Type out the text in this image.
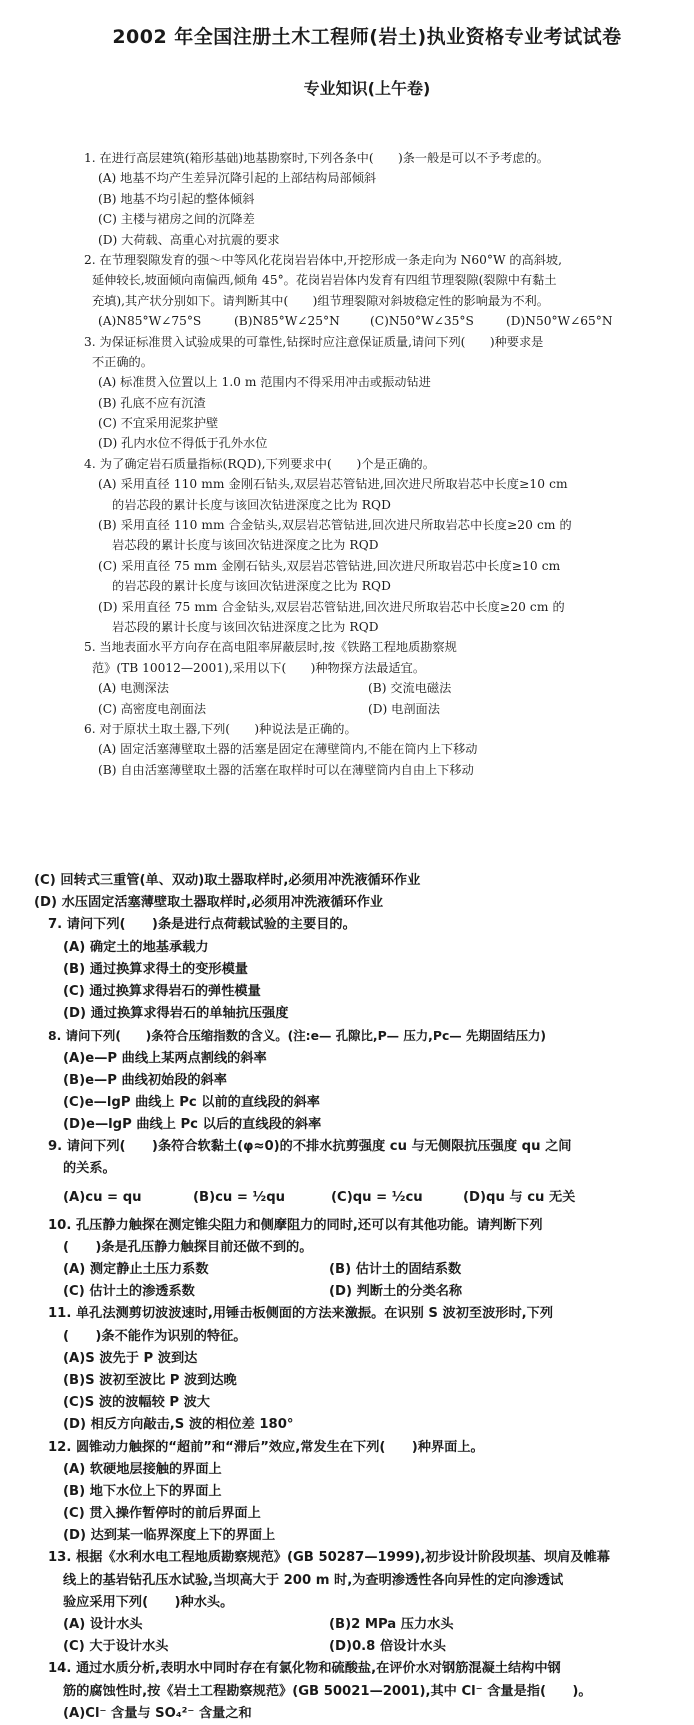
2002 年全国注册土木工程师(岩土)执业资格专业考试试卷
专业知识(上午卷)
1. 在进行高层建筑(箱形基础)地基勘察时,下列各条中(　　)条一般是可以不予考虑的。
(A) 地基不均产生差异沉降引起的上部结构局部倾斜
(B) 地基不均引起的整体倾斜
(C) 主楼与裙房之间的沉降差
(D) 大荷载、高重心对抗震的要求
2. 在节理裂隙发育的强～中等风化花岗岩岩体中,开挖形成一条走向为 N60°W 的高斜坡,
延伸较长,坡面倾向南偏西,倾角 45°。花岗岩岩体内发育有四组节理裂隙(裂隙中有黏土
充填),其产状分别如下。请判断其中(　　)组节理裂隙对斜坡稳定性的影响最为不利。
(A)N85°W∠75°S	(B)N85°W∠25°N	(C)N50°W∠35°S	(D)N50°W∠65°N
3. 为保证标准贯入试验成果的可靠性,钻探时应注意保证质量,请问下列(　　)种要求是
不正确的。
(A) 标准贯入位置以上 1.0 m 范围内不得采用冲击或振动钻进
(B) 孔底不应有沉渣
(C) 不宜采用泥浆护壁
(D) 孔内水位不得低于孔外水位
4. 为了确定岩石质量指标(RQD),下列要求中(　　)个是正确的。
(A) 采用直径 110 mm 金刚石钻头,双层岩芯管钻进,回次进尺所取岩芯中长度≥10 cm
的岩芯段的累计长度与该回次钻进深度之比为 RQD
(B) 采用直径 110 mm 合金钻头,双层岩芯管钻进,回次进尺所取岩芯中长度≥20 cm 的
岩芯段的累计长度与该回次钻进深度之比为 RQD
(C) 采用直径 75 mm 金刚石钻头,双层岩芯管钻进,回次进尺所取岩芯中长度≥10 cm
的岩芯段的累计长度与该回次钻进深度之比为 RQD
(D) 采用直径 75 mm 合金钻头,双层岩芯管钻进,回次进尺所取岩芯中长度≥20 cm 的
岩芯段的累计长度与该回次钻进深度之比为 RQD
5. 当地表面水平方向存在高电阻率屏蔽层时,按《铁路工程地质勘察规
范》(TB 10012—2001),采用以下(　　)种物探方法最适宜。
(A) 电测深法	(B) 交流电磁法
(C) 高密度电剖面法	(D) 电剖面法
6. 对于原状土取土器,下列(　　)种说法是正确的。
(A) 固定活塞薄壁取土器的活塞是固定在薄壁筒内,不能在筒内上下移动
(B) 自由活塞薄壁取土器的活塞在取样时可以在薄壁筒内自由上下移动
(C) 回转式三重管(单、双动)取土器取样时,必须用冲洗液循环作业
(D) 水压固定活塞薄壁取土器取样时,必须用冲洗液循环作业
7. 请问下列(　　)条是进行点荷载试验的主要目的。
(A) 确定土的地基承载力
(B) 通过换算求得土的变形模量
(C) 通过换算求得岩石的弹性模量
(D) 通过换算求得岩石的单轴抗压强度
8. 请问下列(　　)条符合压缩指数的含义。(注:e— 孔隙比,P— 压力,Pc— 先期固结压力)
(A)e—P 曲线上某两点割线的斜率
(B)e—P 曲线初始段的斜率
(C)e—lgP 曲线上 Pc 以前的直线段的斜率
(D)e—lgP 曲线上 Pc 以后的直线段的斜率
9. 请问下列(　　)条符合软黏土(φ≈0)的不排水抗剪强度 cu 与无侧限抗压强度 qu 之间
的关系。
(A)cu = qu	(B)cu = ½qu	(C)qu = ½cu	(D)qu 与 cu 无关
10. 孔压静力触探在测定锥尖阻力和侧摩阻力的同时,还可以有其他功能。请判断下列
(　　)条是孔压静力触探目前还做不到的。
(A) 测定静止土压力系数	(B) 估计土的固结系数
(C) 估计土的渗透系数	(D) 判断土的分类名称
11. 单孔法测剪切波波速时,用锤击板侧面的方法来激振。在识别 S 波初至波形时,下列
(　　)条不能作为识别的特征。
(A)S 波先于 P 波到达
(B)S 波初至波比 P 波到达晚
(C)S 波的波幅较 P 波大
(D) 相反方向敲击,S 波的相位差 180°
12. 圆锥动力触探的“超前”和“滞后”效应,常发生在下列(　　)种界面上。
(A) 软硬地层接触的界面上
(B) 地下水位上下的界面上
(C) 贯入操作暂停时的前后界面上
(D) 达到某一临界深度上下的界面上
13. 根据《水利水电工程地质勘察规范》(GB 50287—1999),初步设计阶段坝基、坝肩及帷幕
线上的基岩钻孔压水试验,当坝高大于 200 m 时,为查明渗透性各向异性的定向渗透试
验应采用下列(　　)种水头。
(A) 设计水头	(B)2 MPa 压力水头
(C) 大于设计水头	(D)0.8 倍设计水头
14. 通过水质分析,表明水中同时存在有氯化物和硫酸盐,在评价水对钢筋混凝土结构中钢
筋的腐蚀性时,按《岩土工程勘察规范》(GB 50021—2001),其中 Cl⁻ 含量是指(　　)。
(A)Cl⁻ 含量与 SO₄²⁻ 含量之和
